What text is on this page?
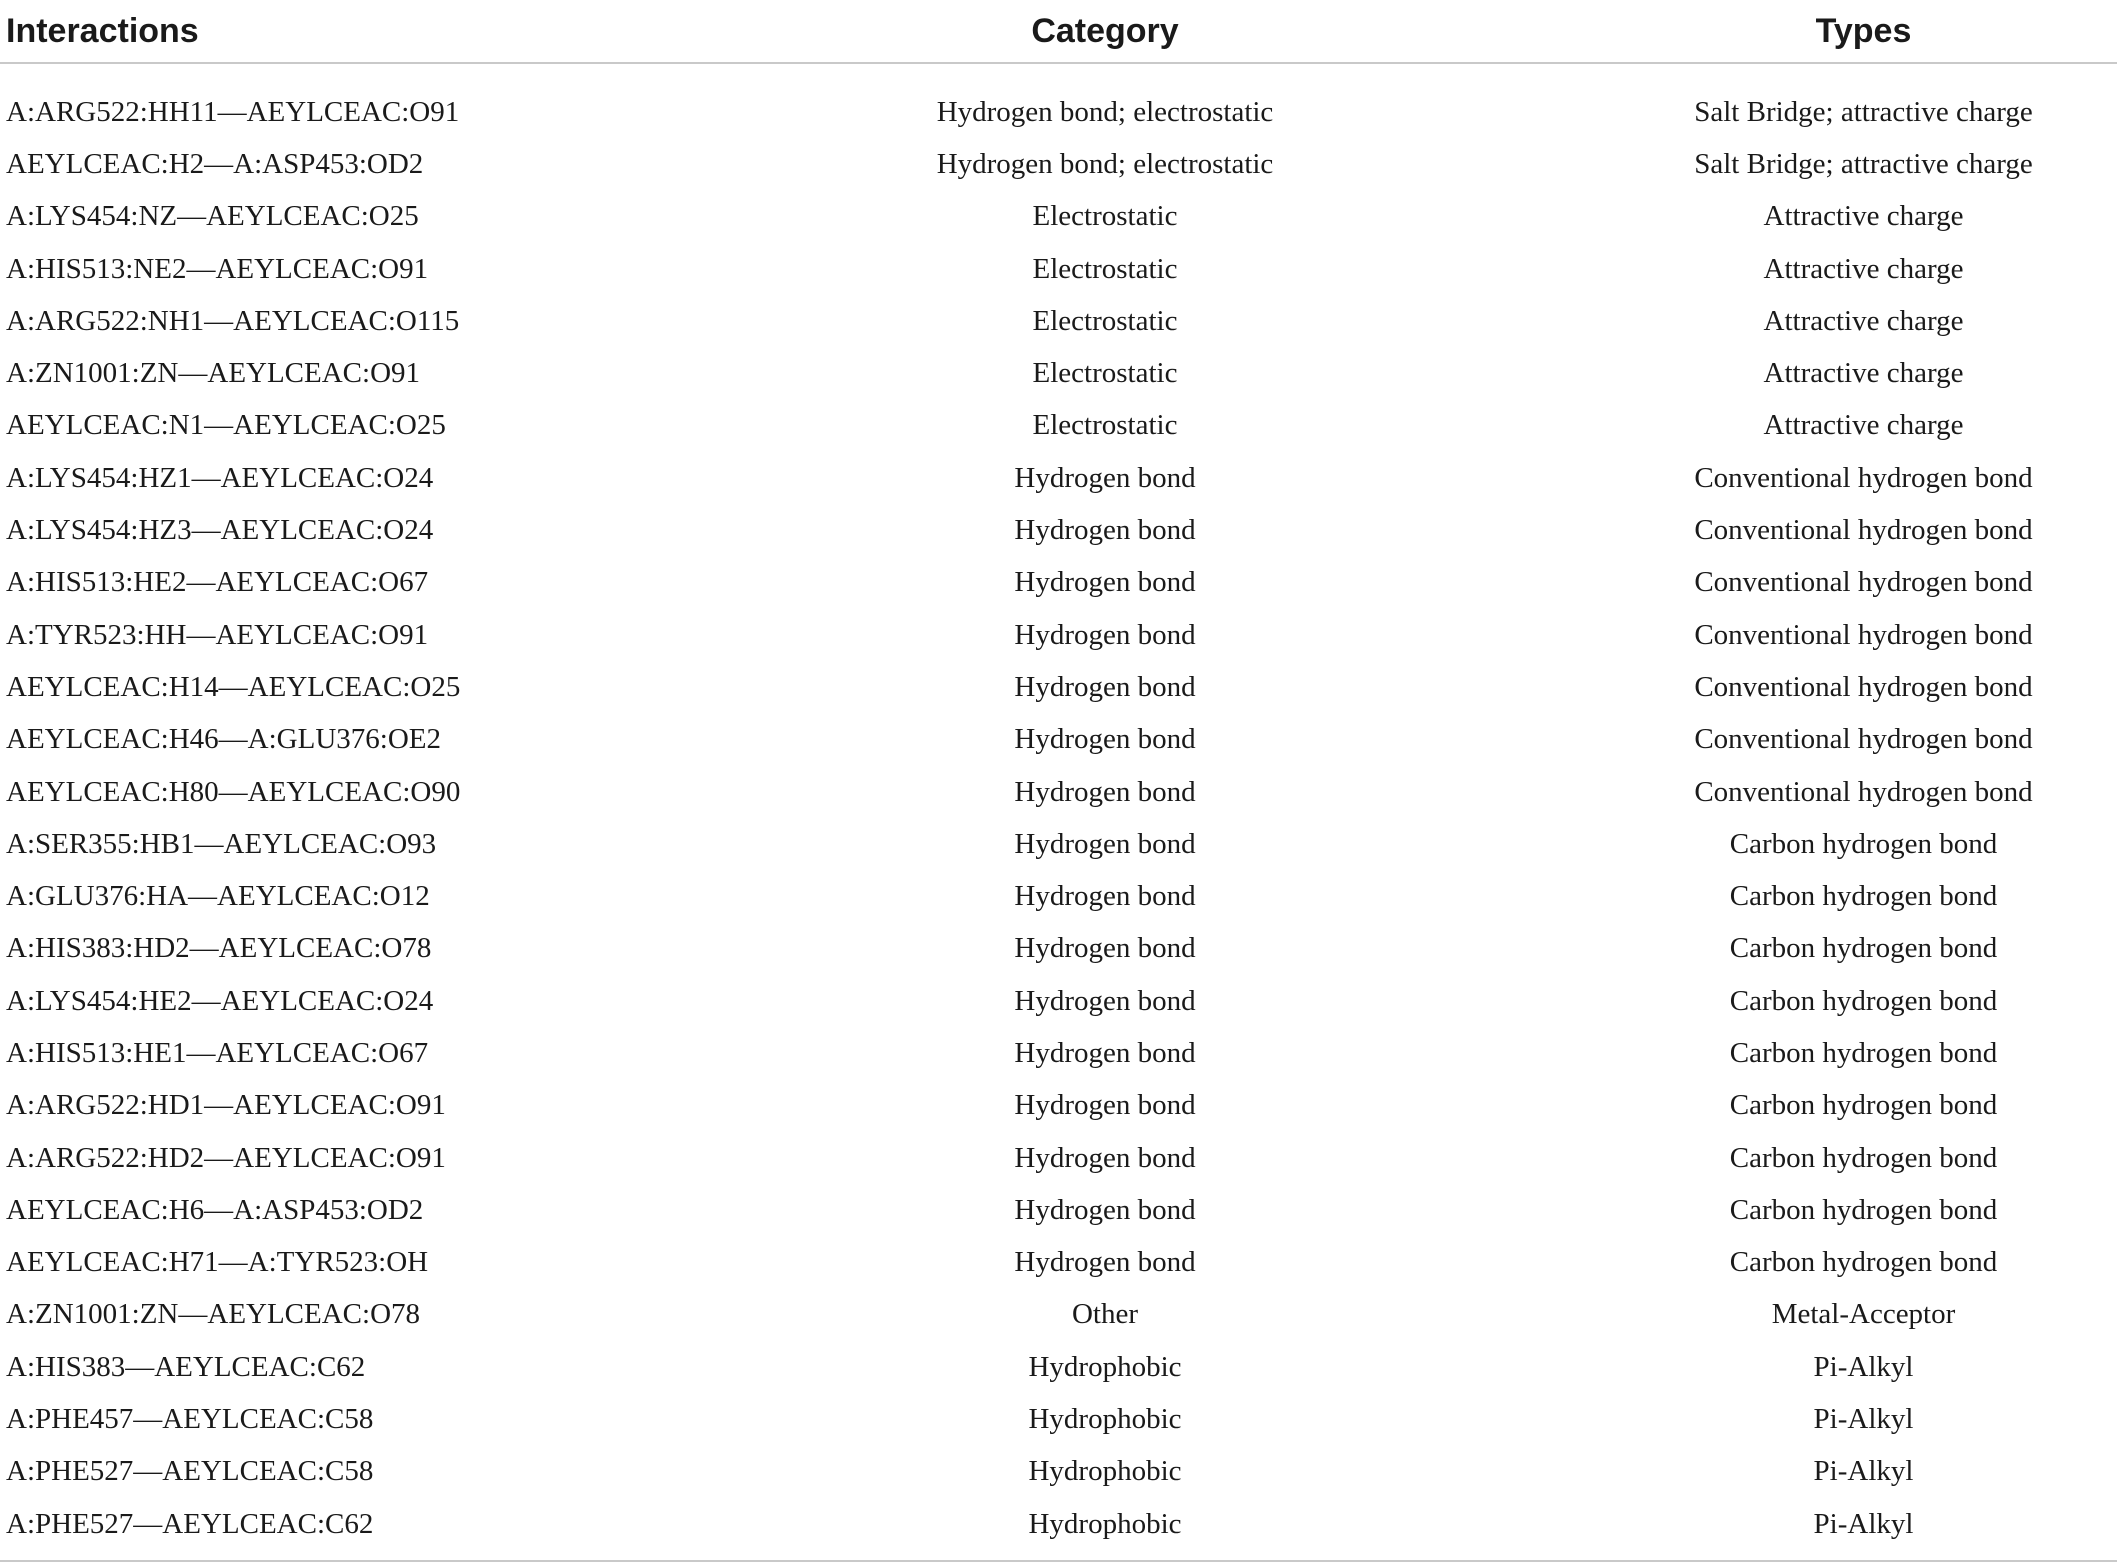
Interactions	Category	Types
A:ARG522:HH11—AEYLCEAC:O91	Hydrogen bond; electrostatic	Salt Bridge; attractive charge
AEYLCEAC:H2—A:ASP453:OD2	Hydrogen bond; electrostatic	Salt Bridge; attractive charge
A:LYS454:NZ—AEYLCEAC:O25	Electrostatic	Attractive charge
A:HIS513:NE2—AEYLCEAC:O91	Electrostatic	Attractive charge
A:ARG522:NH1—AEYLCEAC:O115	Electrostatic	Attractive charge
A:ZN1001:ZN—AEYLCEAC:O91	Electrostatic	Attractive charge
AEYLCEAC:N1—AEYLCEAC:O25	Electrostatic	Attractive charge
A:LYS454:HZ1—AEYLCEAC:O24	Hydrogen bond	Conventional hydrogen bond
A:LYS454:HZ3—AEYLCEAC:O24	Hydrogen bond	Conventional hydrogen bond
A:HIS513:HE2—AEYLCEAC:O67	Hydrogen bond	Conventional hydrogen bond
A:TYR523:HH—AEYLCEAC:O91	Hydrogen bond	Conventional hydrogen bond
AEYLCEAC:H14—AEYLCEAC:O25	Hydrogen bond	Conventional hydrogen bond
AEYLCEAC:H46—A:GLU376:OE2	Hydrogen bond	Conventional hydrogen bond
AEYLCEAC:H80—AEYLCEAC:O90	Hydrogen bond	Conventional hydrogen bond
A:SER355:HB1—AEYLCEAC:O93	Hydrogen bond	Carbon hydrogen bond
A:GLU376:HA—AEYLCEAC:O12	Hydrogen bond	Carbon hydrogen bond
A:HIS383:HD2—AEYLCEAC:O78	Hydrogen bond	Carbon hydrogen bond
A:LYS454:HE2—AEYLCEAC:O24	Hydrogen bond	Carbon hydrogen bond
A:HIS513:HE1—AEYLCEAC:O67	Hydrogen bond	Carbon hydrogen bond
A:ARG522:HD1—AEYLCEAC:O91	Hydrogen bond	Carbon hydrogen bond
A:ARG522:HD2—AEYLCEAC:O91	Hydrogen bond	Carbon hydrogen bond
AEYLCEAC:H6—A:ASP453:OD2	Hydrogen bond	Carbon hydrogen bond
AEYLCEAC:H71—A:TYR523:OH	Hydrogen bond	Carbon hydrogen bond
A:ZN1001:ZN—AEYLCEAC:O78	Other	Metal-Acceptor
A:HIS383—AEYLCEAC:C62	Hydrophobic	Pi-Alkyl
A:PHE457—AEYLCEAC:C58	Hydrophobic	Pi-Alkyl
A:PHE527—AEYLCEAC:C58	Hydrophobic	Pi-Alkyl
A:PHE527—AEYLCEAC:C62	Hydrophobic	Pi-Alkyl
